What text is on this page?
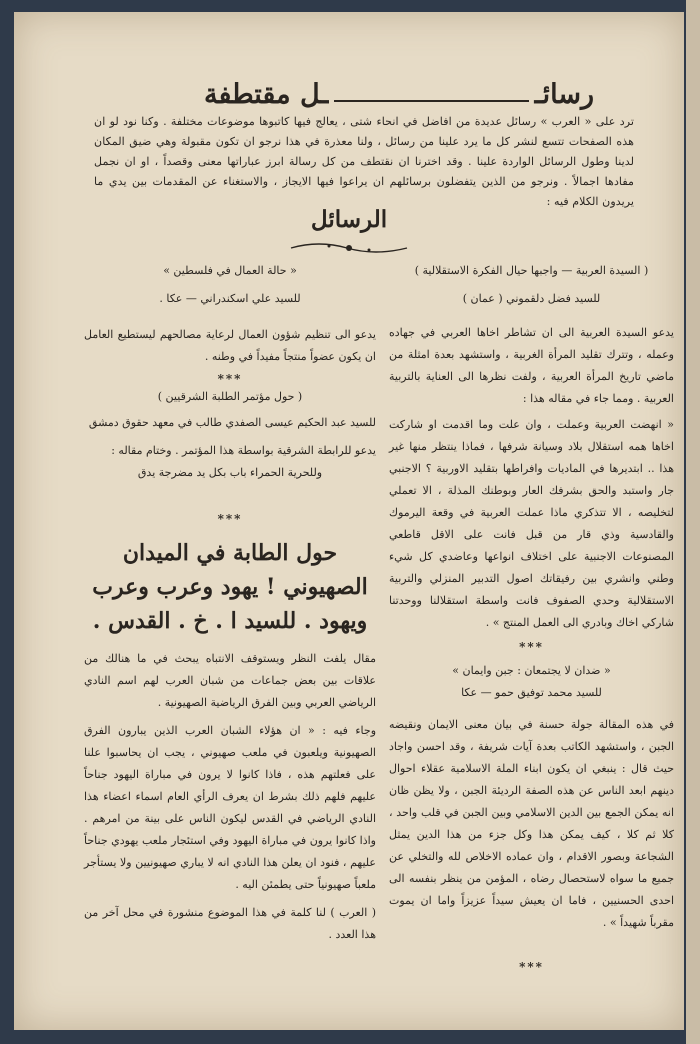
رسائـ
ـل مقتطفة
ترد على « العرب » رسائل عديدة من افاضل في انحاء شتى ، يعالج فيها كاتبوها موضوعات مختلفة . وكنا نود لو ان هذه الصفحات تتسع لنشر كل ما يرد علينا من رسائل ، ولنا معذرة في هذا نرجو ان تكون مقبولة وهي ضيق المكان لدينا وطول الرسائل الواردة علينا . وقد اخترنا ان نقتطف من كل رسالة ابرز عباراتها معنى وقصداً ، او ان نجمل مفادها اجمالاً . ونرجو من الذين يتفضلون برسائلهم ان يراعوا فيها الايجاز ، والاستغناء عن المقدمات بين يدي ما يريدون الكلام فيه :
الرسائل

( السيدة العربية — واجبها حيال الفكرة الاستقلالية )

للسيد فضل دلقموني ( عمان )

يدعو السيدة العربية الى ان تشاطر اخاها العربي في جهاده وعمله ، وتترك تقليد المرأة الغربية ، واستشهد بعدة امثلة من ماضي تاريخ المرأة العربية ، ولفت نظرها الى العناية بالتربية العربية . ومما جاء في مقاله هذا :

« انهضت العربية وعملت ، وان علت وما اقدمت او شاركت اخاها همه استقلال بلاد وسيانة شرفها ، فماذا ينتظر منها غير هذا .. ابتديرها في الماديات وافراطها بتقليد الاوربية ؟ الاجنبي جار واستبد والحق بشرفك العار وبوطنك المذلة ، الا تعملي لتخليصه ، الا تتذكري ماذا عملت العربية في وقعة اليرموك والقادسية وذي قار من قبل فانت على الاقل قاطعي المصنوعات الاجنبية على اختلاف انواعها وعاضدي كل شيء وطني وانشري بين رفيقاتك اصول التدبير المنزلي والتربية الاستقلالية وحدي الصفوف فانت واسطة استقلالنا ووحدتنا شاركي اخاك وبادري الى العمل المنتج » .

***

« ضدان لا يجتمعان : جبن وايمان »

للسيد محمد توفيق حمو — عكا

في هذه المقالة جولة حسنة في بيان معنى الايمان ونقيضه الجبن ، واستشهد الكاتب بعدة آيات شريفة ، وقد احسن واجاد حيث قال : ينبغي ان يكون ابناء الملة الاسلامية عقلاء احوال دينهم ابعد الناس عن هذه الصفة الرديئة الجبن ، ولا يظن ظان انه يمكن الجمع بين الدين الاسلامي وبين الجبن في قلب واحد ، كلا ثم كلا ، كيف يمكن هذا وكل جزء من هذا الدين يمثل الشجاعة وبصور الاقدام ، وان عماده الاخلاص لله والتخلي عن جميع ما سواه لاستحصال رضاه ، المؤمن من ينظر بنفسه الى احدى الحسنيين ، فاما ان يعيش سيداً عزيزاً واما ان يموت مقرباً شهيداً » .

***

« حالة العمال في فلسطين »

للسيد علي اسكندراني — عكا .

يدعو الى تنظيم شؤون العمال لرعاية مصالحهم ليستطيع العامل ان يكون عضواً منتجاً مفيداً في وطنه .

***

( حول مؤتمر الطلبة الشرقيين )

للسيد عبد الحكيم عيسى الصفدي طالب في معهد حقوق دمشق

يدعو للرابطة الشرقية بواسطة هذا المؤتمر . وختام مقاله :

وللحرية الحمراء باب بكل يد مضرجة يدق

***
حول الطابة في الميدان الصهيوني ! يهود وعرب وعرب ويهود . للسيد ا . خ . القدس .

مقال يلفت النظر ويستوقف الانتباه يبحث في ما هنالك من علاقات بين بعض جماعات من شبان العرب لهم اسم النادي الرياضي العربي وبين الفرق الرياضية الصهيونية .

وجاء فيه : « ان هؤلاء الشبان العرب الذين يبارون الفرق الصهيونية ويلعبون في ملعب صهيوني ، يجب ان يحاسبوا علنا على فعلتهم هذه ، فاذا كانوا لا يرون في مباراة اليهود جناحاً عليهم فلهم ذلك بشرط ان يعرف الرأي العام اسماء اعضاء هذا النادي الرياضي في القدس ليكون الناس على بينة من امرهم . واذا كانوا يرون في مباراة اليهود وفي استئجار ملعب يهودي جناحاً عليهم ، فنود ان يعلن هذا النادي انه لا يباري صهيونيين ولا يستأجر ملعباً صهيونياً حتى يطمئن اليه .

( العرب ) لنا كلمة في هذا الموضوع منشورة في محل آخر من هذا العدد .
